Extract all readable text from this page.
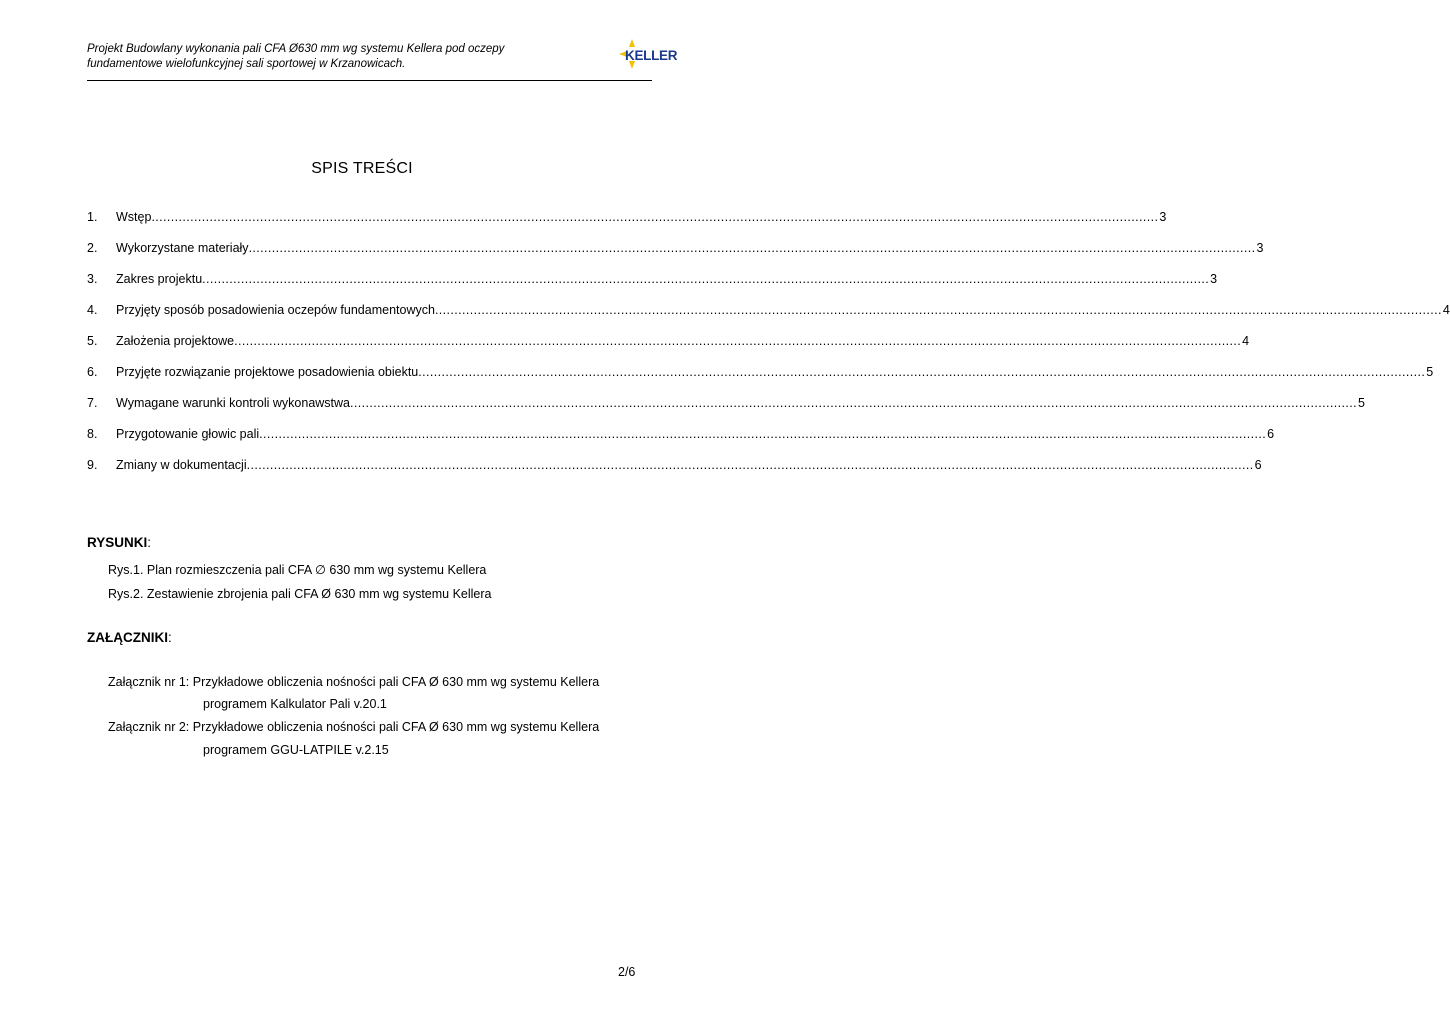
Projekt Budowlany wykonania pali CFA Ø630 mm wg systemu Kellera pod oczepy
fundamentowe wielofunkcyjnej sali sportowej w Krzanowicach.
KELLER
SPIS TREŚCI
1.	Wstęp .................................................................................................................................................................................................................................................................... 3
2.	Wykorzystane materiały .................................................................................................................................................................................................................................................................... 3
3.	Zakres projektu .................................................................................................................................................................................................................................................................... 3
4.	Przyjęty sposób posadowienia oczepów fundamentowych .................................................................................................................................................................................................................................................................... 4
5.	Założenia projektowe .................................................................................................................................................................................................................................................................... 4
6.	Przyjęte rozwiązanie projektowe posadowienia obiektu .................................................................................................................................................................................................................................................................... 5
7.	Wymagane warunki kontroli wykonawstwa .................................................................................................................................................................................................................................................................... 5
8.	Przygotowanie głowic pali .................................................................................................................................................................................................................................................................... 6
9.	Zmiany w dokumentacji .................................................................................................................................................................................................................................................................... 6
RYSUNKI:
Rys.1. Plan rozmieszczenia pali CFA ∅ 630 mm wg systemu Kellera
Rys.2. Zestawienie zbrojenia pali CFA Ø 630 mm wg systemu Kellera
ZAŁĄCZNIKI:
Załącznik nr 1: Przykładowe obliczenia nośności pali CFA Ø 630 mm wg systemu Kellera
programem Kalkulator Pali v.20.1
Załącznik nr 2: Przykładowe obliczenia nośności pali CFA Ø 630 mm wg systemu Kellera
programem GGU-LATPILE v.2.15
2/6
